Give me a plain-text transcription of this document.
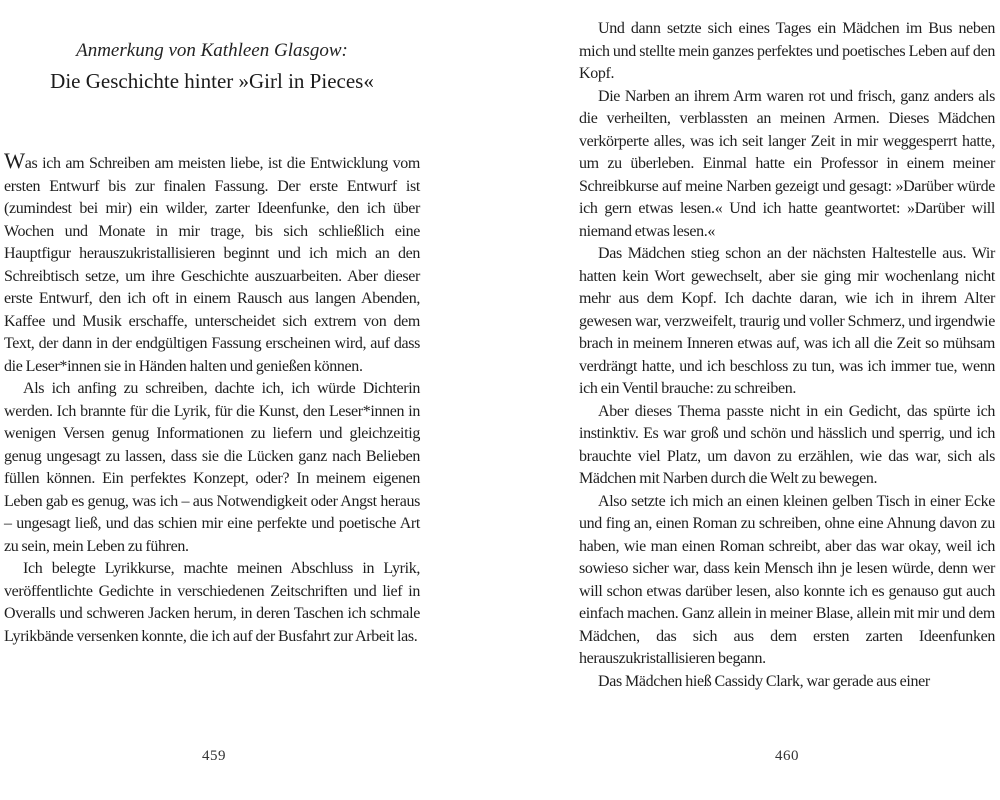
Anmerkung von Kathleen Glasgow:
Die Geschichte hinter »Girl in Pieces«

Was ich am Schreiben am meisten liebe, ist die Entwicklung vom ersten Entwurf bis zur finalen Fassung. Der erste Entwurf ist (zumindest bei mir) ein wilder, zarter Ideenfunke, den ich über Wochen und Monate in mir trage, bis sich schließlich eine Hauptfigur herauszukristallisieren beginnt und ich mich an den Schreibtisch setze, um ihre Geschichte auszuarbeiten. Aber dieser erste Entwurf, den ich oft in einem Rausch aus langen Abenden, Kaffee und Musik erschaffe, unterscheidet sich extrem von dem Text, der dann in der endgültigen Fassung erscheinen wird, auf dass die Leser*innen sie in Händen halten und genießen können.

Als ich anfing zu schreiben, dachte ich, ich würde Dichterin werden. Ich brannte für die Lyrik, für die Kunst, den Leser*innen in wenigen Versen genug Informationen zu liefern und gleichzeitig genug ungesagt zu lassen, dass sie die Lücken ganz nach Belieben füllen können. Ein perfektes Konzept, oder? In meinem eigenen Leben gab es genug, was ich – aus Notwendigkeit oder Angst heraus – ungesagt ließ, und das schien mir eine perfekte und poetische Art zu sein, mein Leben zu führen.

Ich belegte Lyrikkurse, machte meinen Abschluss in Lyrik, veröffentlichte Gedichte in verschiedenen Zeitschriften und lief in Overalls und schweren Jacken herum, in deren Taschen ich schmale Lyrikbände versenken konnte, die ich auf der Busfahrt zur Arbeit las.

Und dann setzte sich eines Tages ein Mädchen im Bus neben mich und stellte mein ganzes perfektes und poetisches Leben auf den Kopf.

Die Narben an ihrem Arm waren rot und frisch, ganz anders als die verheilten, verblassten an meinen Armen. Dieses Mädchen verkörperte alles, was ich seit langer Zeit in mir weggesperrt hatte, um zu überleben. Einmal hatte ein Professor in einem meiner Schreibkurse auf meine Narben gezeigt und gesagt: »Darüber würde ich gern etwas lesen.« Und ich hatte geantwortet: »Darüber will niemand etwas lesen.«

Das Mädchen stieg schon an der nächsten Haltestelle aus. Wir hatten kein Wort gewechselt, aber sie ging mir wochenlang nicht mehr aus dem Kopf. Ich dachte daran, wie ich in ihrem Alter gewesen war, verzweifelt, traurig und voller Schmerz, und irgendwie brach in meinem Inneren etwas auf, was ich all die Zeit so mühsam verdrängt hatte, und ich beschloss zu tun, was ich immer tue, wenn ich ein Ventil brauche: zu schreiben.

Aber dieses Thema passte nicht in ein Gedicht, das spürte ich instinktiv. Es war groß und schön und hässlich und sperrig, und ich brauchte viel Platz, um davon zu erzählen, wie das war, sich als Mädchen mit Narben durch die Welt zu bewegen.

Also setzte ich mich an einen kleinen gelben Tisch in einer Ecke und fing an, einen Roman zu schreiben, ohne eine Ahnung davon zu haben, wie man einen Roman schreibt, aber das war okay, weil ich sowieso sicher war, dass kein Mensch ihn je lesen würde, denn wer will schon etwas darüber lesen, also konnte ich es genauso gut auch einfach machen. Ganz allein in meiner Blase, allein mit mir und dem Mädchen, das sich aus dem ersten zarten Ideenfunken herauszukristallisieren begann.

Das Mädchen hieß Cassidy Clark, war gerade aus einer

459	460
